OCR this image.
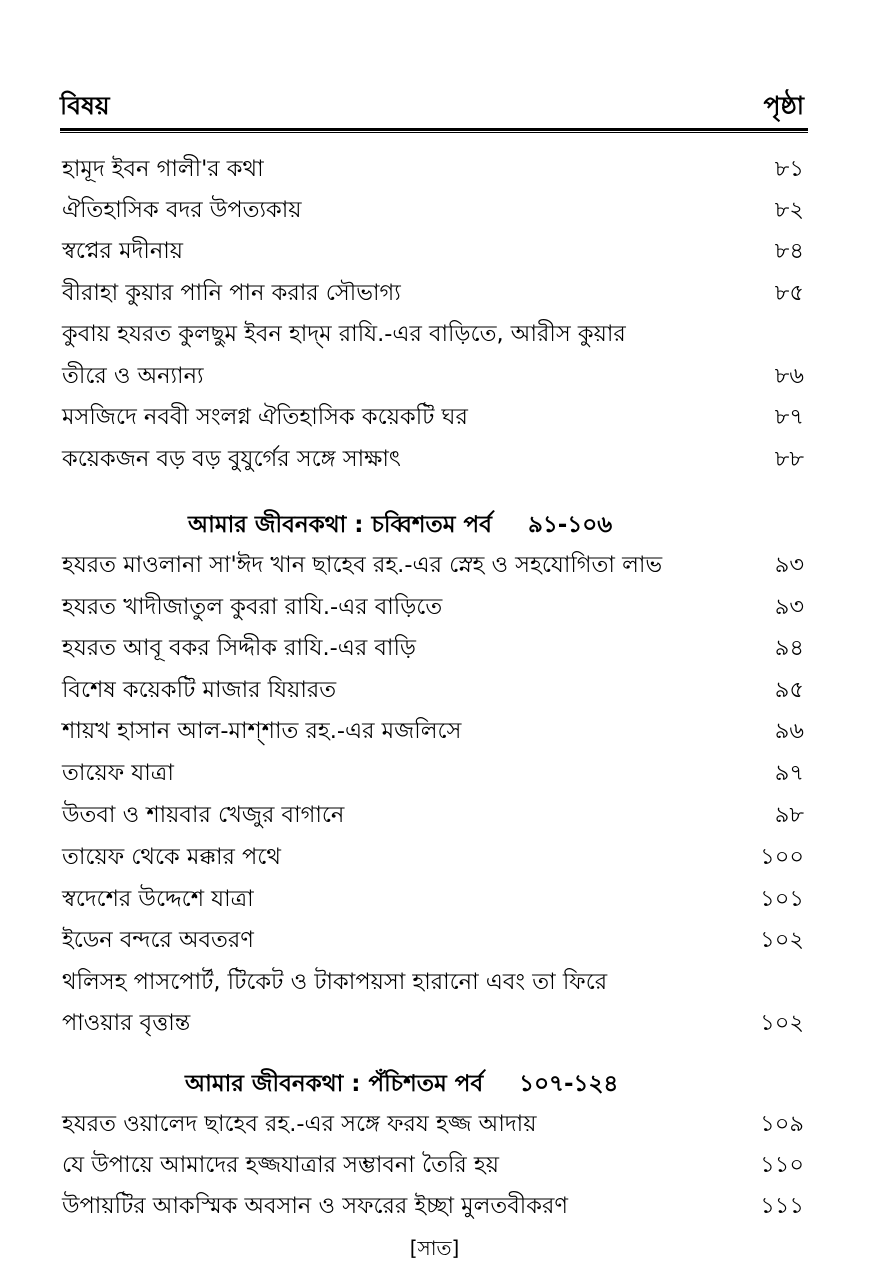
বিষয়	পৃষ্ঠা
হামূদ ইবন গালী'র কথা	৮১
ঐতিহাসিক বদর উপত্যকায়	৮২
স্বপ্নের মদীনায়	৮৪
বীরাহা কুয়ার পানি পান করার সৌভাগ্য	৮৫
কুবায় হযরত কুলছুম ইবন হাদ্‌ম রাযি.-এর বাড়িতে, আরীস কুয়ার
তীরে ও অন্যান্য	৮৬
মসজিদে নববী সংলগ্ন ঐতিহাসিক কয়েকটি ঘর	৮৭
কয়েকজন বড় বড় বুযুর্গের সঙ্গে সাক্ষাৎ	৮৮
আমার জীবনকথা : চব্বিশতম পর্ব ৯১-১০৬
হযরত মাওলানা সা'ঈদ খান ছাহেব রহ.-এর স্নেহ ও সহযোগিতা লাভ	৯৩
হযরত খাদীজাতুল কুবরা রাযি.-এর বাড়িতে	৯৩
হযরত আবূ বকর সিদ্দীক রাযি.-এর বাড়ি	৯৪
বিশেষ কয়েকটি মাজার যিয়ারত	৯৫
শায়খ হাসান আল-মাশ্‌শাত রহ.-এর মজলিসে	৯৬
তায়েফ যাত্রা	৯৭
উতবা ও শায়বার খেজুর বাগানে	৯৮
তায়েফ থেকে মক্কার পথে	১০০
স্বদেশের উদ্দেশে যাত্রা	১০১
ইডেন বন্দরে অবতরণ	১০২
থলিসহ পাসপোর্ট, টিকেট ও টাকাপয়সা হারানো এবং তা ফিরে
পাওয়ার বৃত্তান্ত	১০২
আমার জীবনকথা : পঁচিশতম পর্ব ১০৭-১২৪
হযরত ওয়ালেদ ছাহেব রহ.-এর সঙ্গে ফরয হজ্জ আদায়	১০৯
যে উপায়ে আমাদের হজ্জযাত্রার সম্ভাবনা তৈরি হয়	১১০
উপায়টির আকস্মিক অবসান ও সফরের ইচ্ছা মুলতবীকরণ	১১১
[সাত]
